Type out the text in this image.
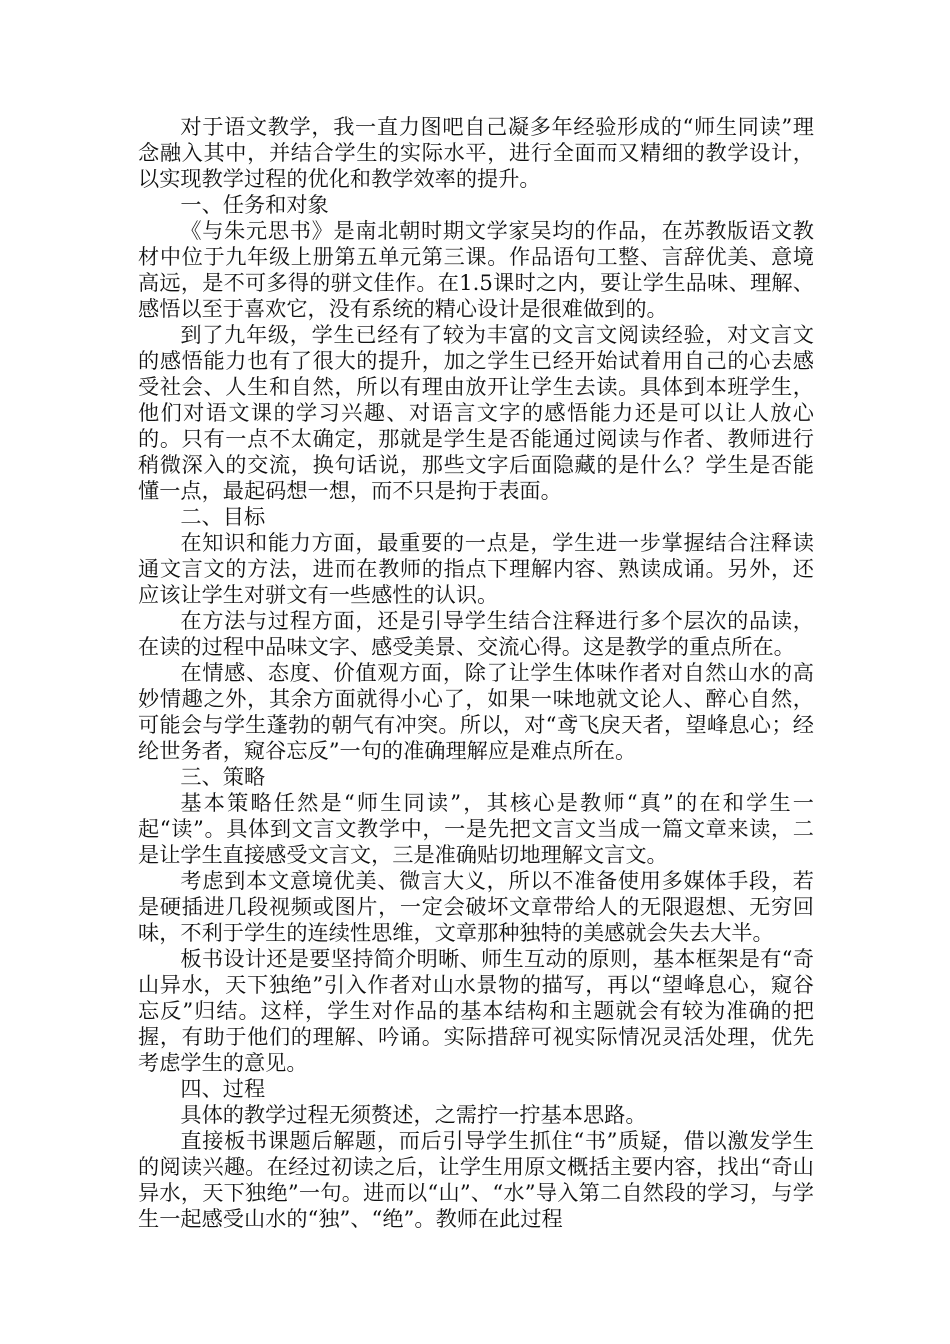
对于语文教学，我一直力图吧自己凝多年经验形成的“师生同读”理念融入其中，并结合学生的实际水平，进行全面而又精细的教学设计，以实现教学过程的优化和教学效率的提升。

一、任务和对象

《与朱元思书》是南北朝时期文学家吴均的作品，在苏教版语文教材中位于九年级上册第五单元第三课。作品语句工整、言辞优美、意境高远，是不可多得的骈文佳作。在1.5课时之内，要让学生品味、理解、感悟以至于喜欢它，没有系统的精心设计是很难做到的。

到了九年级，学生已经有了较为丰富的文言文阅读经验，对文言文的感悟能力也有了很大的提升，加之学生已经开始试着用自己的心去感受社会、人生和自然，所以有理由放开让学生去读。具体到本班学生，他们对语文课的学习兴趣、对语言文字的感悟能力还是可以让人放心的。只有一点不太确定，那就是学生是否能通过阅读与作者、教师进行稍微深入的交流，换句话说，那些文字后面隐藏的是什么？学生是否能懂一点，最起码想一想，而不只是拘于表面。

二、目标

在知识和能力方面，最重要的一点是，学生进一步掌握结合注释读通文言文的方法，进而在教师的指点下理解内容、熟读成诵。另外，还应该让学生对骈文有一些感性的认识。

在方法与过程方面，还是引导学生结合注释进行多个层次的品读，在读的过程中品味文字、感受美景、交流心得。这是教学的重点所在。

在情感、态度、价值观方面，除了让学生体味作者对自然山水的高妙情趣之外，其余方面就得小心了，如果一味地就文论人、醉心自然，可能会与学生蓬勃的朝气有冲突。所以，对“鸢飞戾天者，望峰息心；经纶世务者，窥谷忘反”一句的准确理解应是难点所在。

三、策略

基本策略任然是“师生同读”，其核心是教师“真”的在和学生一起“读”。具体到文言文教学中，一是先把文言文当成一篇文章来读，二是让学生直接感受文言文，三是准确贴切地理解文言文。

考虑到本文意境优美、微言大义，所以不准备使用多媒体手段，若是硬插进几段视频或图片，一定会破坏文章带给人的无限遐想、无穷回味，不利于学生的连续性思维，文章那种独特的美感就会失去大半。

板书设计还是要坚持简介明晰、师生互动的原则，基本框架是有“奇山异水，天下独绝”引入作者对山水景物的描写，再以“望峰息心，窥谷忘反”归结。这样，学生对作品的基本结构和主题就会有较为准确的把握，有助于他们的理解、吟诵。实际措辞可视实际情况灵活处理，优先考虑学生的意见。

四、过程

具体的教学过程无须赘述，之需拧一拧基本思路。

直接板书课题后解题，而后引导学生抓住“书”质疑，借以激发学生的阅读兴趣。在经过初读之后，让学生用原文概括主要内容，找出“奇山异水，天下独绝”一句。进而以“山”、“水”导入第二自然段的学习，与学生一起感受山水的“独”、“绝”。教师在此过程
